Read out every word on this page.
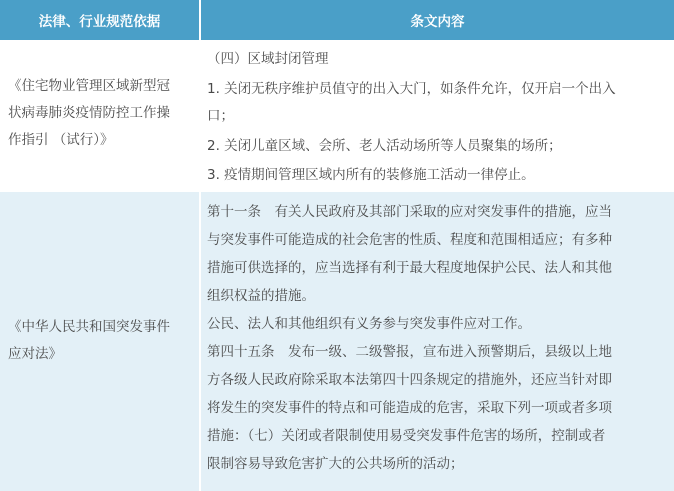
法律、行业规范依据	条文内容
《住宅物业管理区域新型冠
状病毒肺炎疫情防控工作操
作指引 （试行）》
（四）区域封闭管理
1. 关闭无秩序维护员值守的出入大门，如条件允许，仅开启一个出入
口；
2. 关闭儿童区域、会所、老人活动场所等人员聚集的场所；
3. 疫情期间管理区域内所有的装修施工活动一律停止。
《中华人民共和国突发事件
应对法》
第十一条　有关人民政府及其部门采取的应对突发事件的措施，应当
与突发事件可能造成的社会危害的性质、程度和范围相适应；有多种
措施可供选择的，应当选择有利于最大程度地保护公民、法人和其他
组织权益的措施。
公民、法人和其他组织有义务参与突发事件应对工作。
第四十五条　发布一级、二级警报，宣布进入预警期后，县级以上地
方各级人民政府除采取本法第四十四条规定的措施外，还应当针对即
将发生的突发事件的特点和可能造成的危害，采取下列一项或者多项
措施：（七）关闭或者限制使用易受突发事件危害的场所，控制或者
限制容易导致危害扩大的公共场所的活动；
